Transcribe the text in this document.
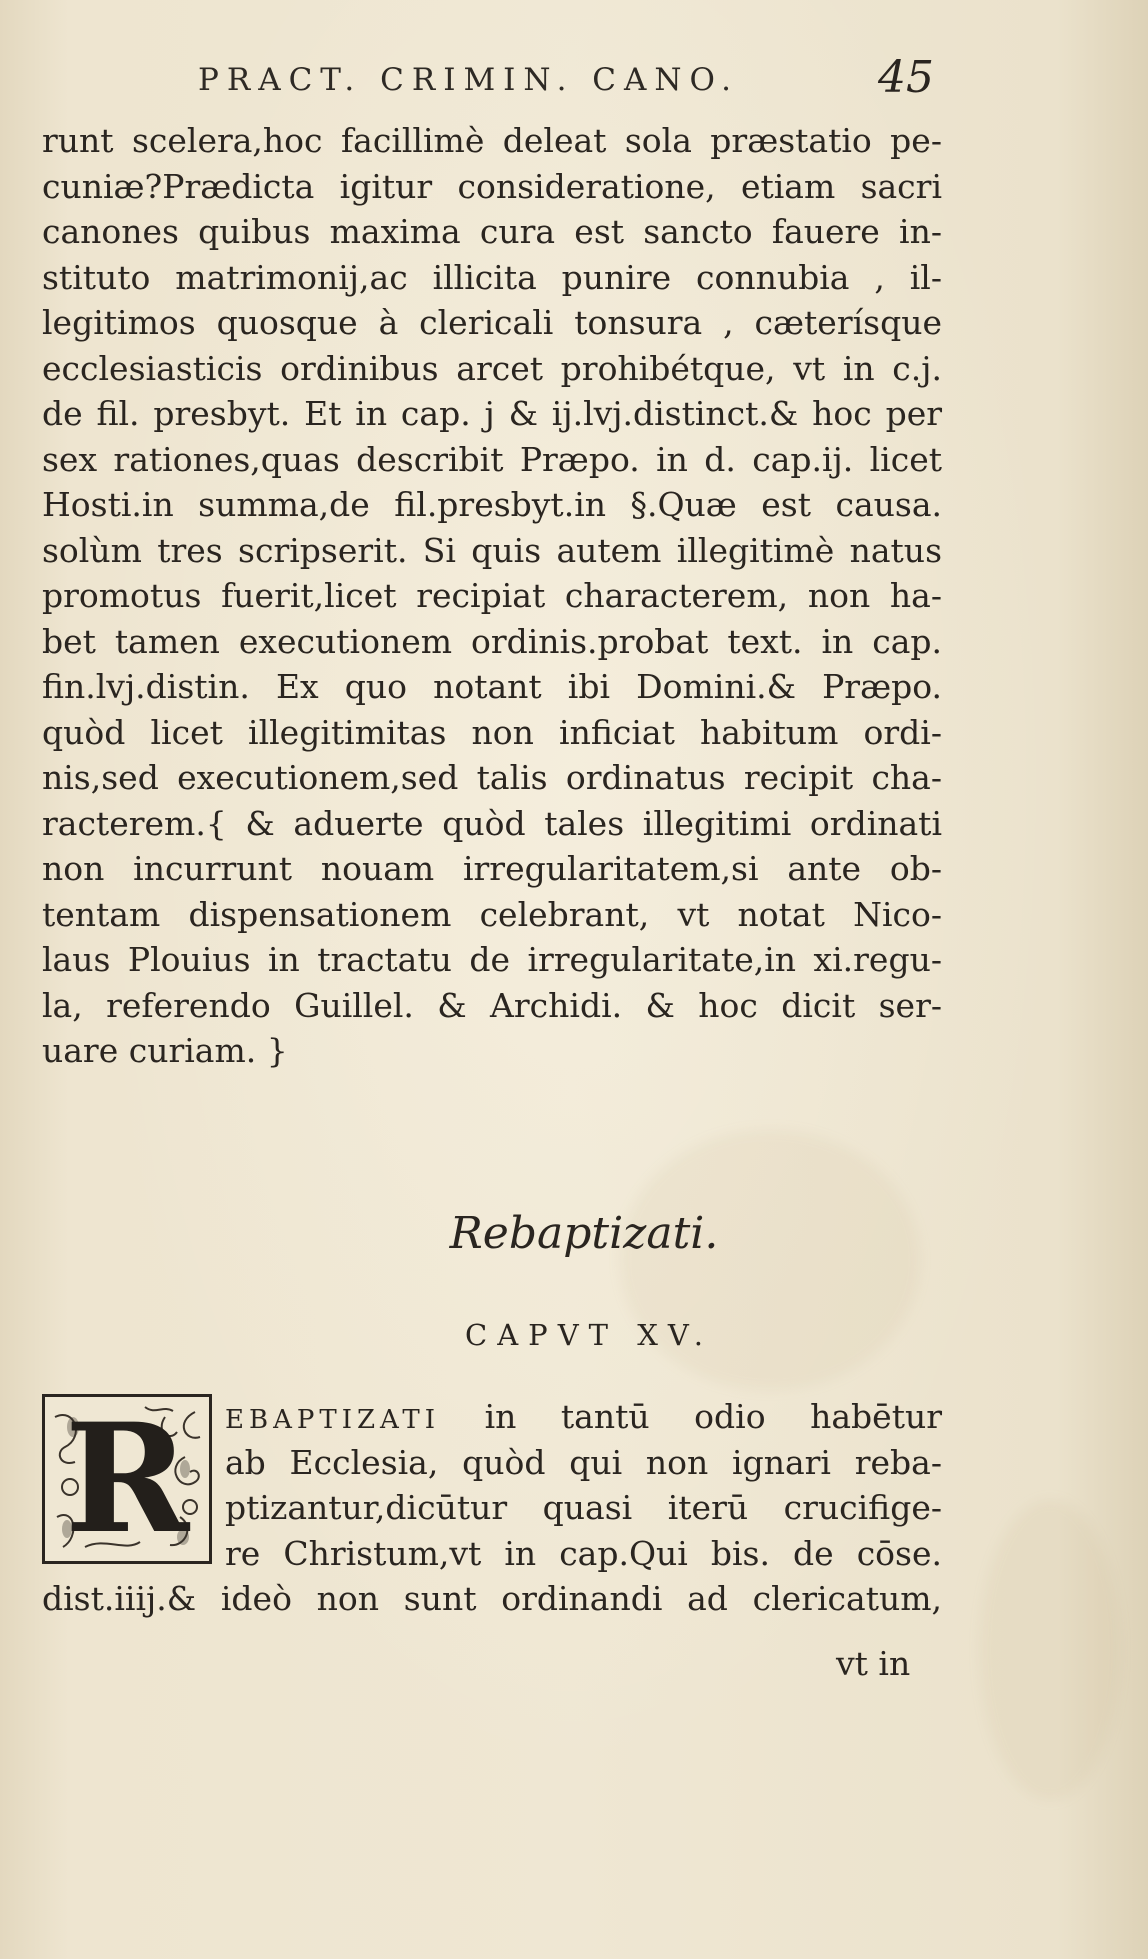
PRACT. CRIMIN. CANO.	45
runt scelera,hoc facillimè deleat sola præstatio pe-
cuniæ?Prædicta igitur consideratione, etiam sacri
canones quibus maxima cura est sancto fauere in-
stituto matrimonij,ac illicita punire connubia , il-
legitimos quosque à clericali tonsura , cæterísque
ecclesiasticis ordinibus arcet prohibétque, vt in c.j.
de fil. presbyt. Et in cap. j & ij.lvj.distinct.& hoc per
sex rationes,quas describit Præpo. in d. cap.ij. licet
Hosti.in summa,de fil.presbyt.in §.Quæ est causa.
solùm tres scripserit. Si quis autem illegitimè natus
promotus fuerit,licet recipiat characterem, non ha-
bet tamen executionem ordinis.probat text. in cap.
fin.lvj.distin. Ex quo notant ibi Domini.& Præpo.
quòd licet illegitimitas non inficiat habitum ordi-
nis,sed executionem,sed talis ordinatus recipit cha-
racterem.{ & aduerte quòd tales illegitimi ordinati
non incurrunt nouam irregularitatem,si ante ob-
tentam dispensationem celebrant, vt notat Nico-
laus Plouius in tractatu de irregularitate,in xi.regu-
la, referendo Guillel. & Archidi. & hoc dicit ser-
uare curiam. }
Rebaptizati.
CAPVT XV.
R	EBAPTIZATI in tantū odio habētur
ab Ecclesia, quòd qui non ignari reba-
ptizantur,dicūtur quasi iterū crucifige-
re Christum,vt in cap.Qui bis. de cōse.
dist.iiij.& ideò non sunt ordinandi ad clericatum,
vt in
